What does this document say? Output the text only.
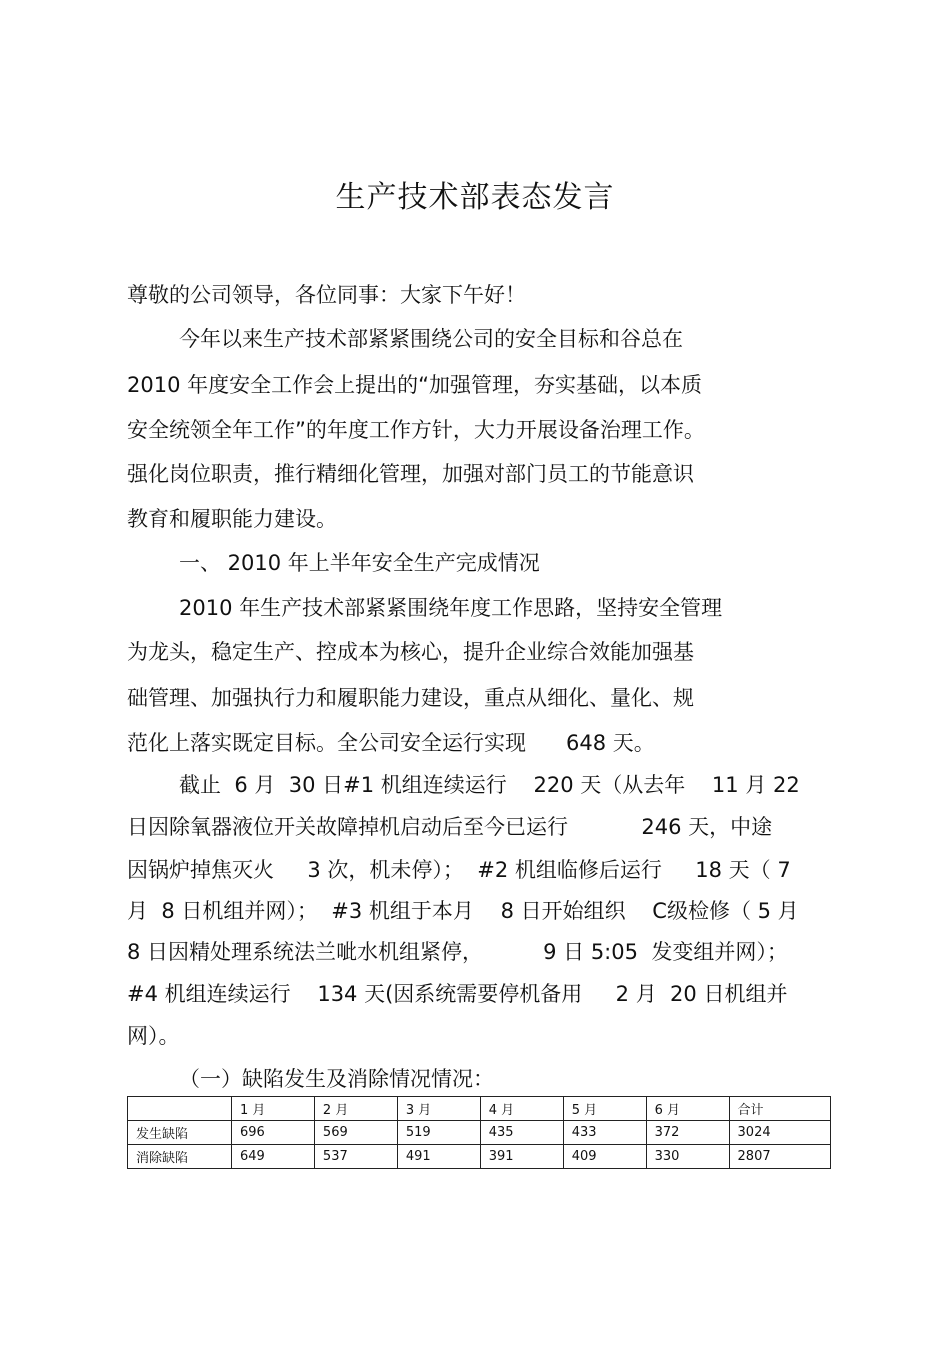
生产技术部表态发言
尊敬的公司领导，各位同事：大家下午好！
今年以来生产技术部紧紧围绕公司的安全目标和谷总在
2010 年度安全工作会上提出的“加强管理，夯实基础，以本质
安全统领全年工作”的年度工作方针，大力开展设备治理工作。
强化岗位职责，推行精细化管理，加强对部门员工的节能意识
教育和履职能力建设。
一、 2010 年上半年安全生产完成情况
2010 年生产技术部紧紧围绕年度工作思路，坚持安全管理
为龙头，稳定生产、控成本为核心，提升企业综合效能加强基
础管理、加强执行力和履职能力建设，重点从细化、量化、规
范化上落实既定目标。全公司安全运行实现      648 天。
截止  6 月  30 日#1 机组连续运行    220 天（从去年    11 月 22
日因除氧器液位开关故障掉机启动后至今已运行           246 天，中途
因锅炉掉焦灭火     3 次，机未停）；  #2 机组临修后运行     18 天（ 7
月  8 日机组并网）；  #3 机组于本月    8 日开始组织    C级检修（ 5 月
8 日因精处理系统法兰呲水机组紧停，         9 日 5:05  发变组并网）；
#4 机组连续运行    134 天(因系统需要停机备用     2 月  20 日机组并
网）。
（一）缺陷发生及消除情况情况：
	1 月	2 月	3 月	4 月	5 月	6 月	合计
发生缺陷	696	569	519	435	433	372	3024
消除缺陷	649	537	491	391	409	330	2807
